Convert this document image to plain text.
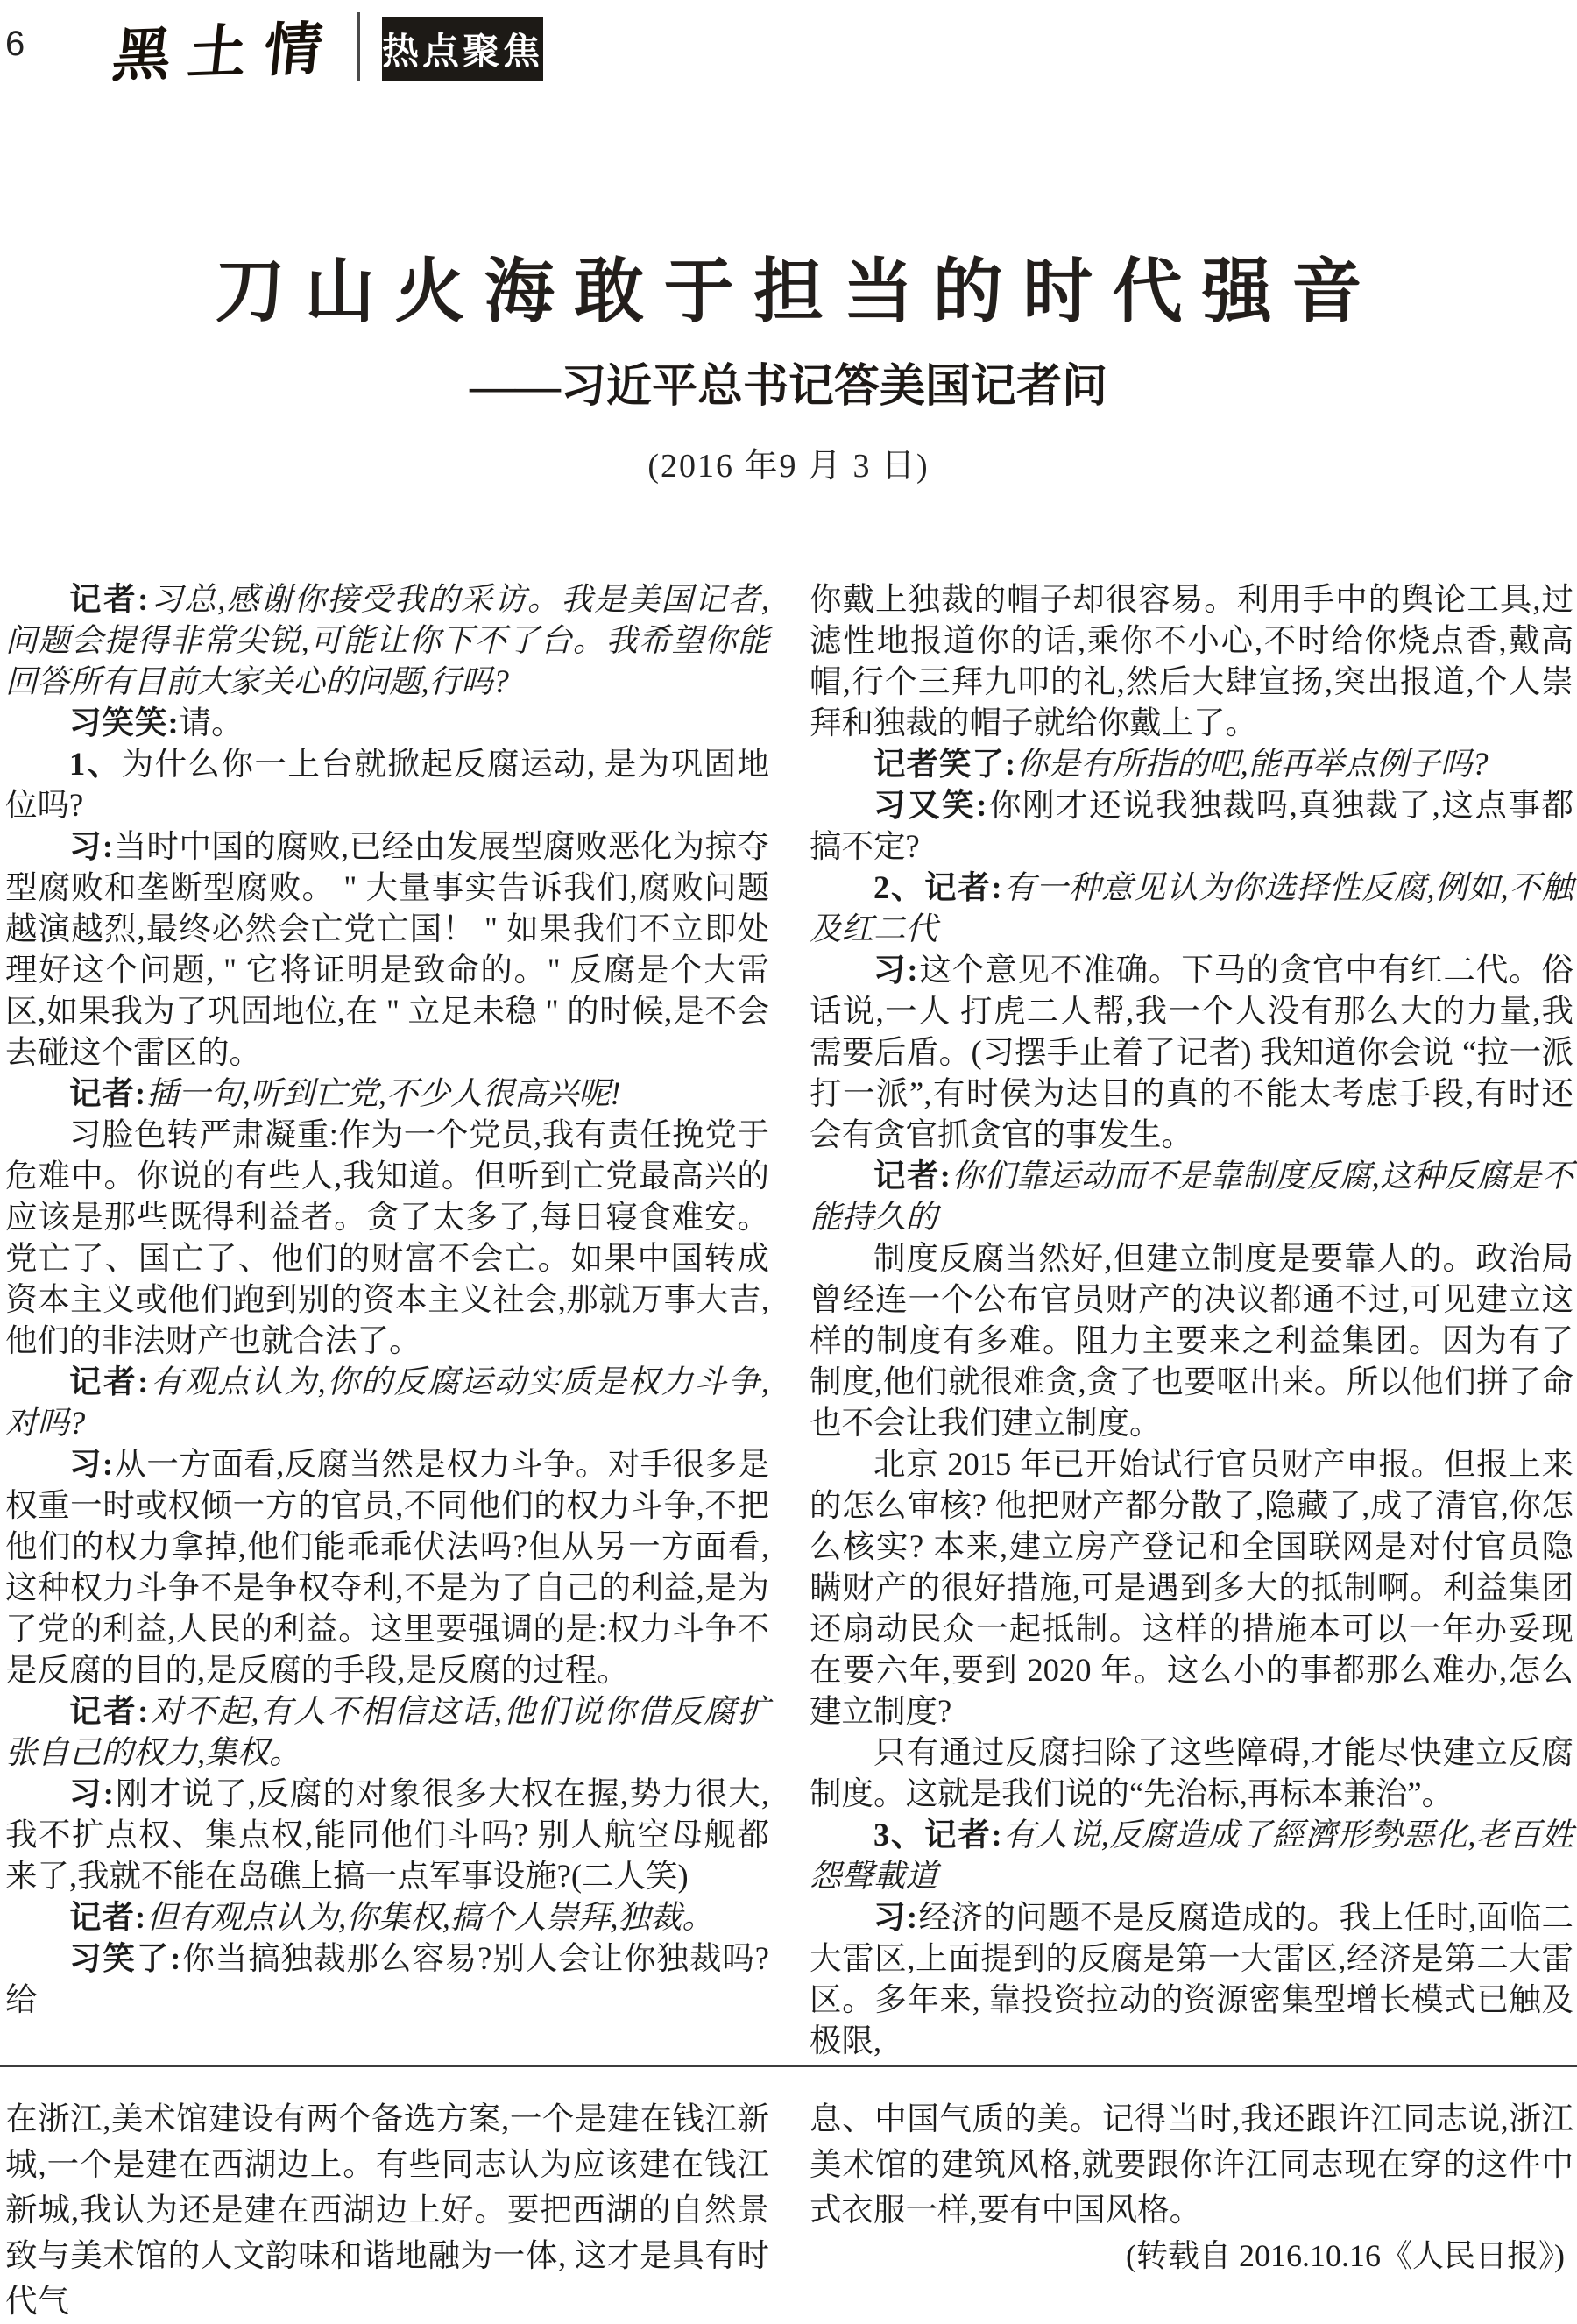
6 黑土情 热点聚焦
刀山火海敢于担当的时代强音
——习近平总书记答美国记者问
(2016 年9 月 3 日)

记者:习总,感谢你接受我的采访。我是美国记者,问题会提得非常尖锐,可能让你下不了台。我希望你能回答所有目前大家关心的问题,行吗?

习笑笑:请。

1、为什么你一上台就掀起反腐运动, 是为巩固地位吗?

习:当时中国的腐败,已经由发展型腐败恶化为掠夺型腐败和垄断型腐败。 " 大量事实告诉我们,腐败问题越演越烈,最终必然会亡党亡国！ " 如果我们不立即处理好这个问题, " 它将证明是致命的。" 反腐是个大雷区,如果我为了巩固地位,在 " 立足未稳 " 的时候,是不会去碰这个雷区的。

记者:插一句,听到亡党,不少人很高兴呢!

习脸色转严肃凝重:作为一个党员,我有责任挽党于危难中。你说的有些人,我知道。但听到亡党最高兴的应该是那些既得利益者。贪了太多了,每日寝食难安。党亡了、国亡了、他们的财富不会亡。如果中国转成资本主义或他们跑到别的资本主义社会,那就万事大吉,他们的非法财产也就合法了。

记者:有观点认为,你的反腐运动实质是权力斗争,对吗?

习:从一方面看,反腐当然是权力斗争。对手很多是权重一时或权倾一方的官员,不同他们的权力斗争,不把他们的权力拿掉,他们能乖乖伏法吗?但从另一方面看,这种权力斗争不是争权夺利,不是为了自己的利益,是为了党的利益,人民的利益。这里要强调的是:权力斗争不是反腐的目的,是反腐的手段,是反腐的过程。

记者:对不起,有人不相信这话,他们说你借反腐扩张自己的权力,集权。

习:刚才说了,反腐的对象很多大权在握,势力很大,我不扩点权、集点权,能同他们斗吗? 别人航空母舰都来了,我就不能在岛礁上搞一点军事设施?(二人笑)

记者:但有观点认为,你集权,搞个人崇拜,独裁。

习笑了:你当搞独裁那么容易?别人会让你独裁吗?给

你戴上独裁的帽子却很容易。利用手中的舆论工具,过滤性地报道你的话,乘你不小心,不时给你烧点香,戴高帽,行个三拜九叩的礼,然后大肆宣扬,突出报道,个人崇拜和独裁的帽子就给你戴上了。

记者笑了:你是有所指的吧,能再举点例子吗?

习又笑:你刚才还说我独裁吗,真独裁了,这点事都搞不定?

2、记者:有一种意见认为你选择性反腐,例如,不触及红二代

习:这个意见不准确。下马的贪官中有红二代。俗话说,一人 打虎二人帮,我一个人没有那么大的力量,我需要后盾。(习摆手止着了记者) 我知道你会说 “拉一派打一派”,有时侯为达目的真的不能太考虑手段,有时还会有贪官抓贪官的事发生。

记者:你们靠运动而不是靠制度反腐,这种反腐是不能持久的

制度反腐当然好,但建立制度是要靠人的。政治局曾经连一个公布官员财产的决议都通不过,可见建立这样的制度有多难。阻力主要来之利益集团。因为有了制度,他们就很难贪,贪了也要呕出来。所以他们拼了命也不会让我们建立制度。

北京 2015 年已开始试行官员财产申报。但报上来的怎么审核? 他把财产都分散了,隐藏了,成了清官,你怎么核实? 本来,建立房产登记和全国联网是对付官员隐瞒财产的很好措施,可是遇到多大的抵制啊。利益集团还扇动民众一起抵制。这样的措施本可以一年办妥现在要六年,要到 2020 年。这么小的事都那么难办,怎么建立制度?

只有通过反腐扫除了这些障碍,才能尽快建立反腐制度。这就是我们说的“先治标,再标本兼治”。

3、记者:有人说,反腐造成了經濟形勢惡化,老百姓怨聲載道

习:经济的问题不是反腐造成的。我上任时,面临二大雷区,上面提到的反腐是第一大雷区,经济是第二大雷区。多年来, 靠投资拉动的资源密集型增长模式已触及极限,

在浙江,美术馆建设有两个备选方案,一个是建在钱江新城,一个是建在西湖边上。有些同志认为应该建在钱江新城,我认为还是建在西湖边上好。要把西湖的自然景致与美术馆的人文韵味和谐地融为一体, 这才是具有时代气

息、中国气质的美。记得当时,我还跟许江同志说,浙江美术馆的建筑风格,就要跟你许江同志现在穿的这件中式衣服一样,要有中国风格。

(转载自 2016.10.16《人民日报》)
